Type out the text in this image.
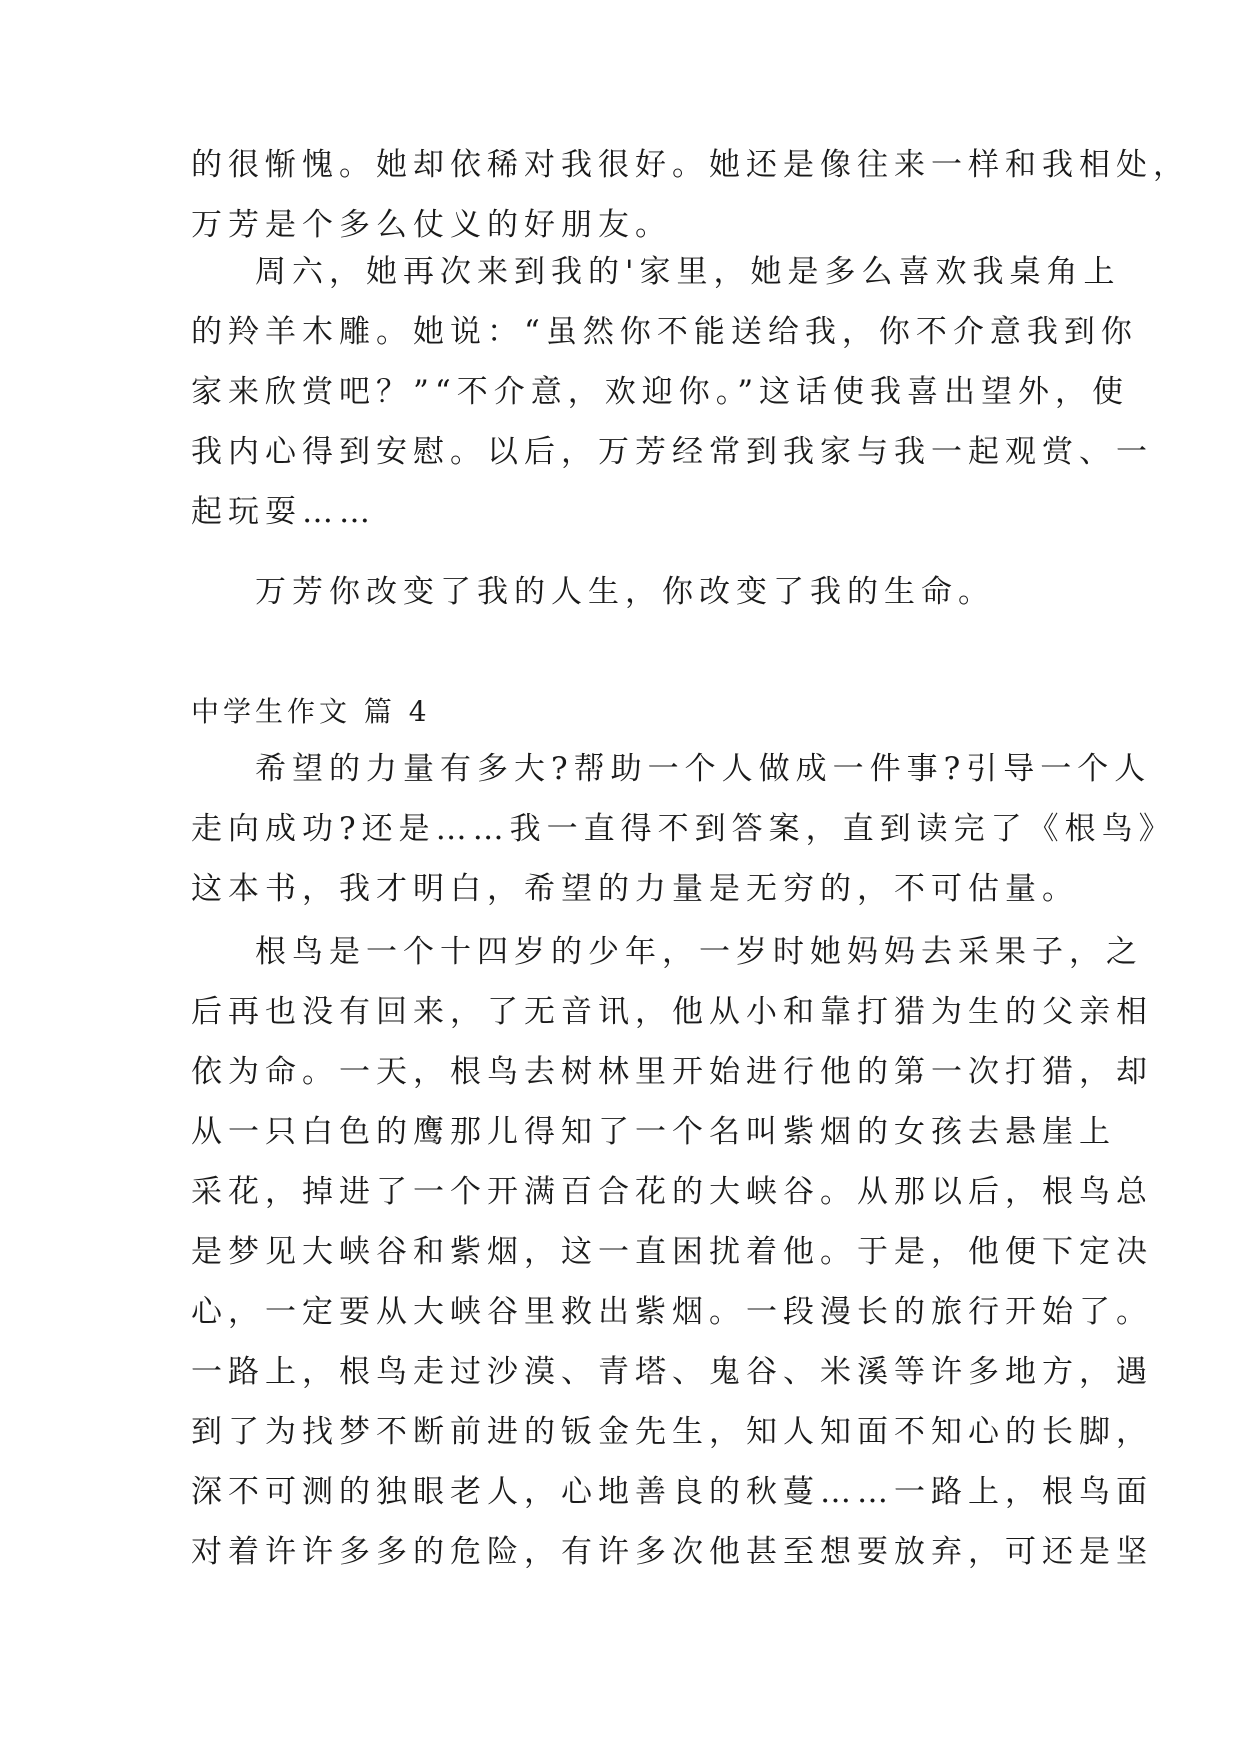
的很惭愧。她却依稀对我很好。她还是像往来一样和我相处，
万芳是个多么仗义的好朋友。

周六，她再次来到我的'家里，她是多么喜欢我桌角上
的羚羊木雕。她说：“虽然你不能送给我，你不介意我到你
家来欣赏吧？”“不介意，欢迎你。”这话使我喜出望外，使
我内心得到安慰。以后，万芳经常到我家与我一起观赏、一
起玩耍……

万芳你改变了我的人生，你改变了我的生命。

中学生作文 篇 4

希望的力量有多大?帮助一个人做成一件事?引导一个人
走向成功?还是……我一直得不到答案，直到读完了《根鸟》
这本书，我才明白，希望的力量是无穷的，不可估量。

根鸟是一个十四岁的少年，一岁时她妈妈去采果子，之
后再也没有回来，了无音讯，他从小和靠打猎为生的父亲相
依为命。一天，根鸟去树林里开始进行他的第一次打猎，却
从一只白色的鹰那儿得知了一个名叫紫烟的女孩去悬崖上
采花，掉进了一个开满百合花的大峡谷。从那以后，根鸟总
是梦见大峡谷和紫烟，这一直困扰着他。于是，他便下定决
心，一定要从大峡谷里救出紫烟。一段漫长的旅行开始了。
一路上，根鸟走过沙漠、青塔、鬼谷、米溪等许多地方，遇
到了为找梦不断前进的钣金先生，知人知面不知心的长脚，
深不可测的独眼老人，心地善良的秋蔓……一路上，根鸟面
对着许许多多的危险，有许多次他甚至想要放弃，可还是坚
